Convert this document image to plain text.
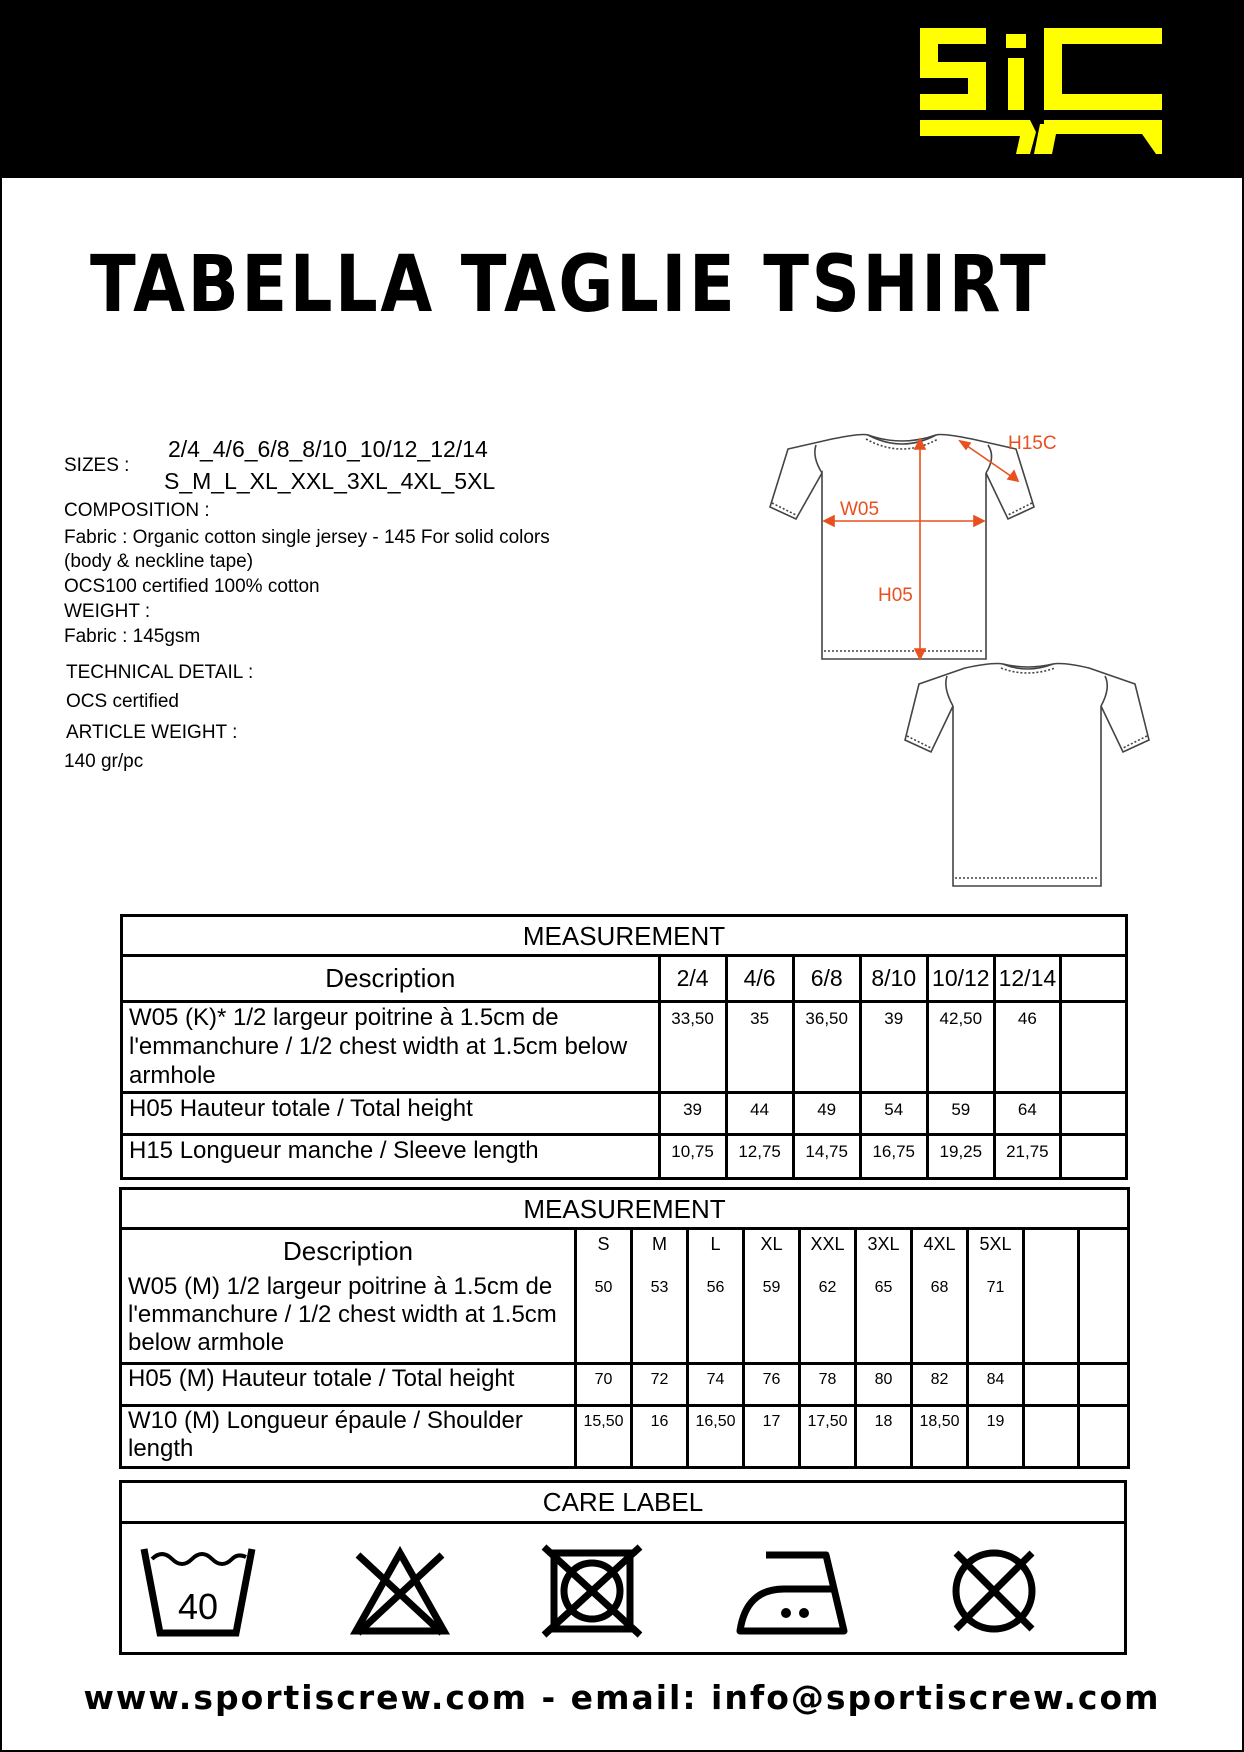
TABELLA TAGLIE TSHIRT
SIZES :
2/4_4/6_6/8_8/10_10/12_12/14
S_M_L_XL_XXL_3XL_4XL_5XL
COMPOSITION :
Fabric : Organic cotton single jersey - 145 For solid colors
(body & neckline tape)
OCS100 certified 100% cotton
WEIGHT :
Fabric : 145gsm
TECHNICAL DETAIL :
OCS certified
ARTICLE WEIGHT :
140 gr/pc
H15C
W05
H05
MEASUREMENT							
Description	2/4	4/6	6/8	8/10	10/12	12/14	
W05 (K)* 1/2 largeur poitrine à 1.5cm de l'emmanchure / 1/2 chest width at 1.5cm below armhole	33,50	35	36,50	39	42,50	46	
H05 Hauteur totale / Total height	39	44	49	54	59	64	
H15 Longueur manche / Sleeve length	10,75	12,75	14,75	16,75	19,25	21,75	
MEASUREMENT										
Description	S	M	L	XL	XXL	3XL	4XL	5XL		
W05 (M) 1/2 largeur poitrine à 1.5cm de l'emmanchure / 1/2 chest width at 1.5cm below armhole	50	53	56	59	62	65	68	71		
H05 (M) Hauteur totale / Total height	70	72	74	76	78	80	82	84		
W10 (M) Longueur épaule / Shoulder length	15,50	16	16,50	17	17,50	18	18,50	19		
CARE LABEL
40
www.sportiscrew.com - email: info@sportiscrew.com
